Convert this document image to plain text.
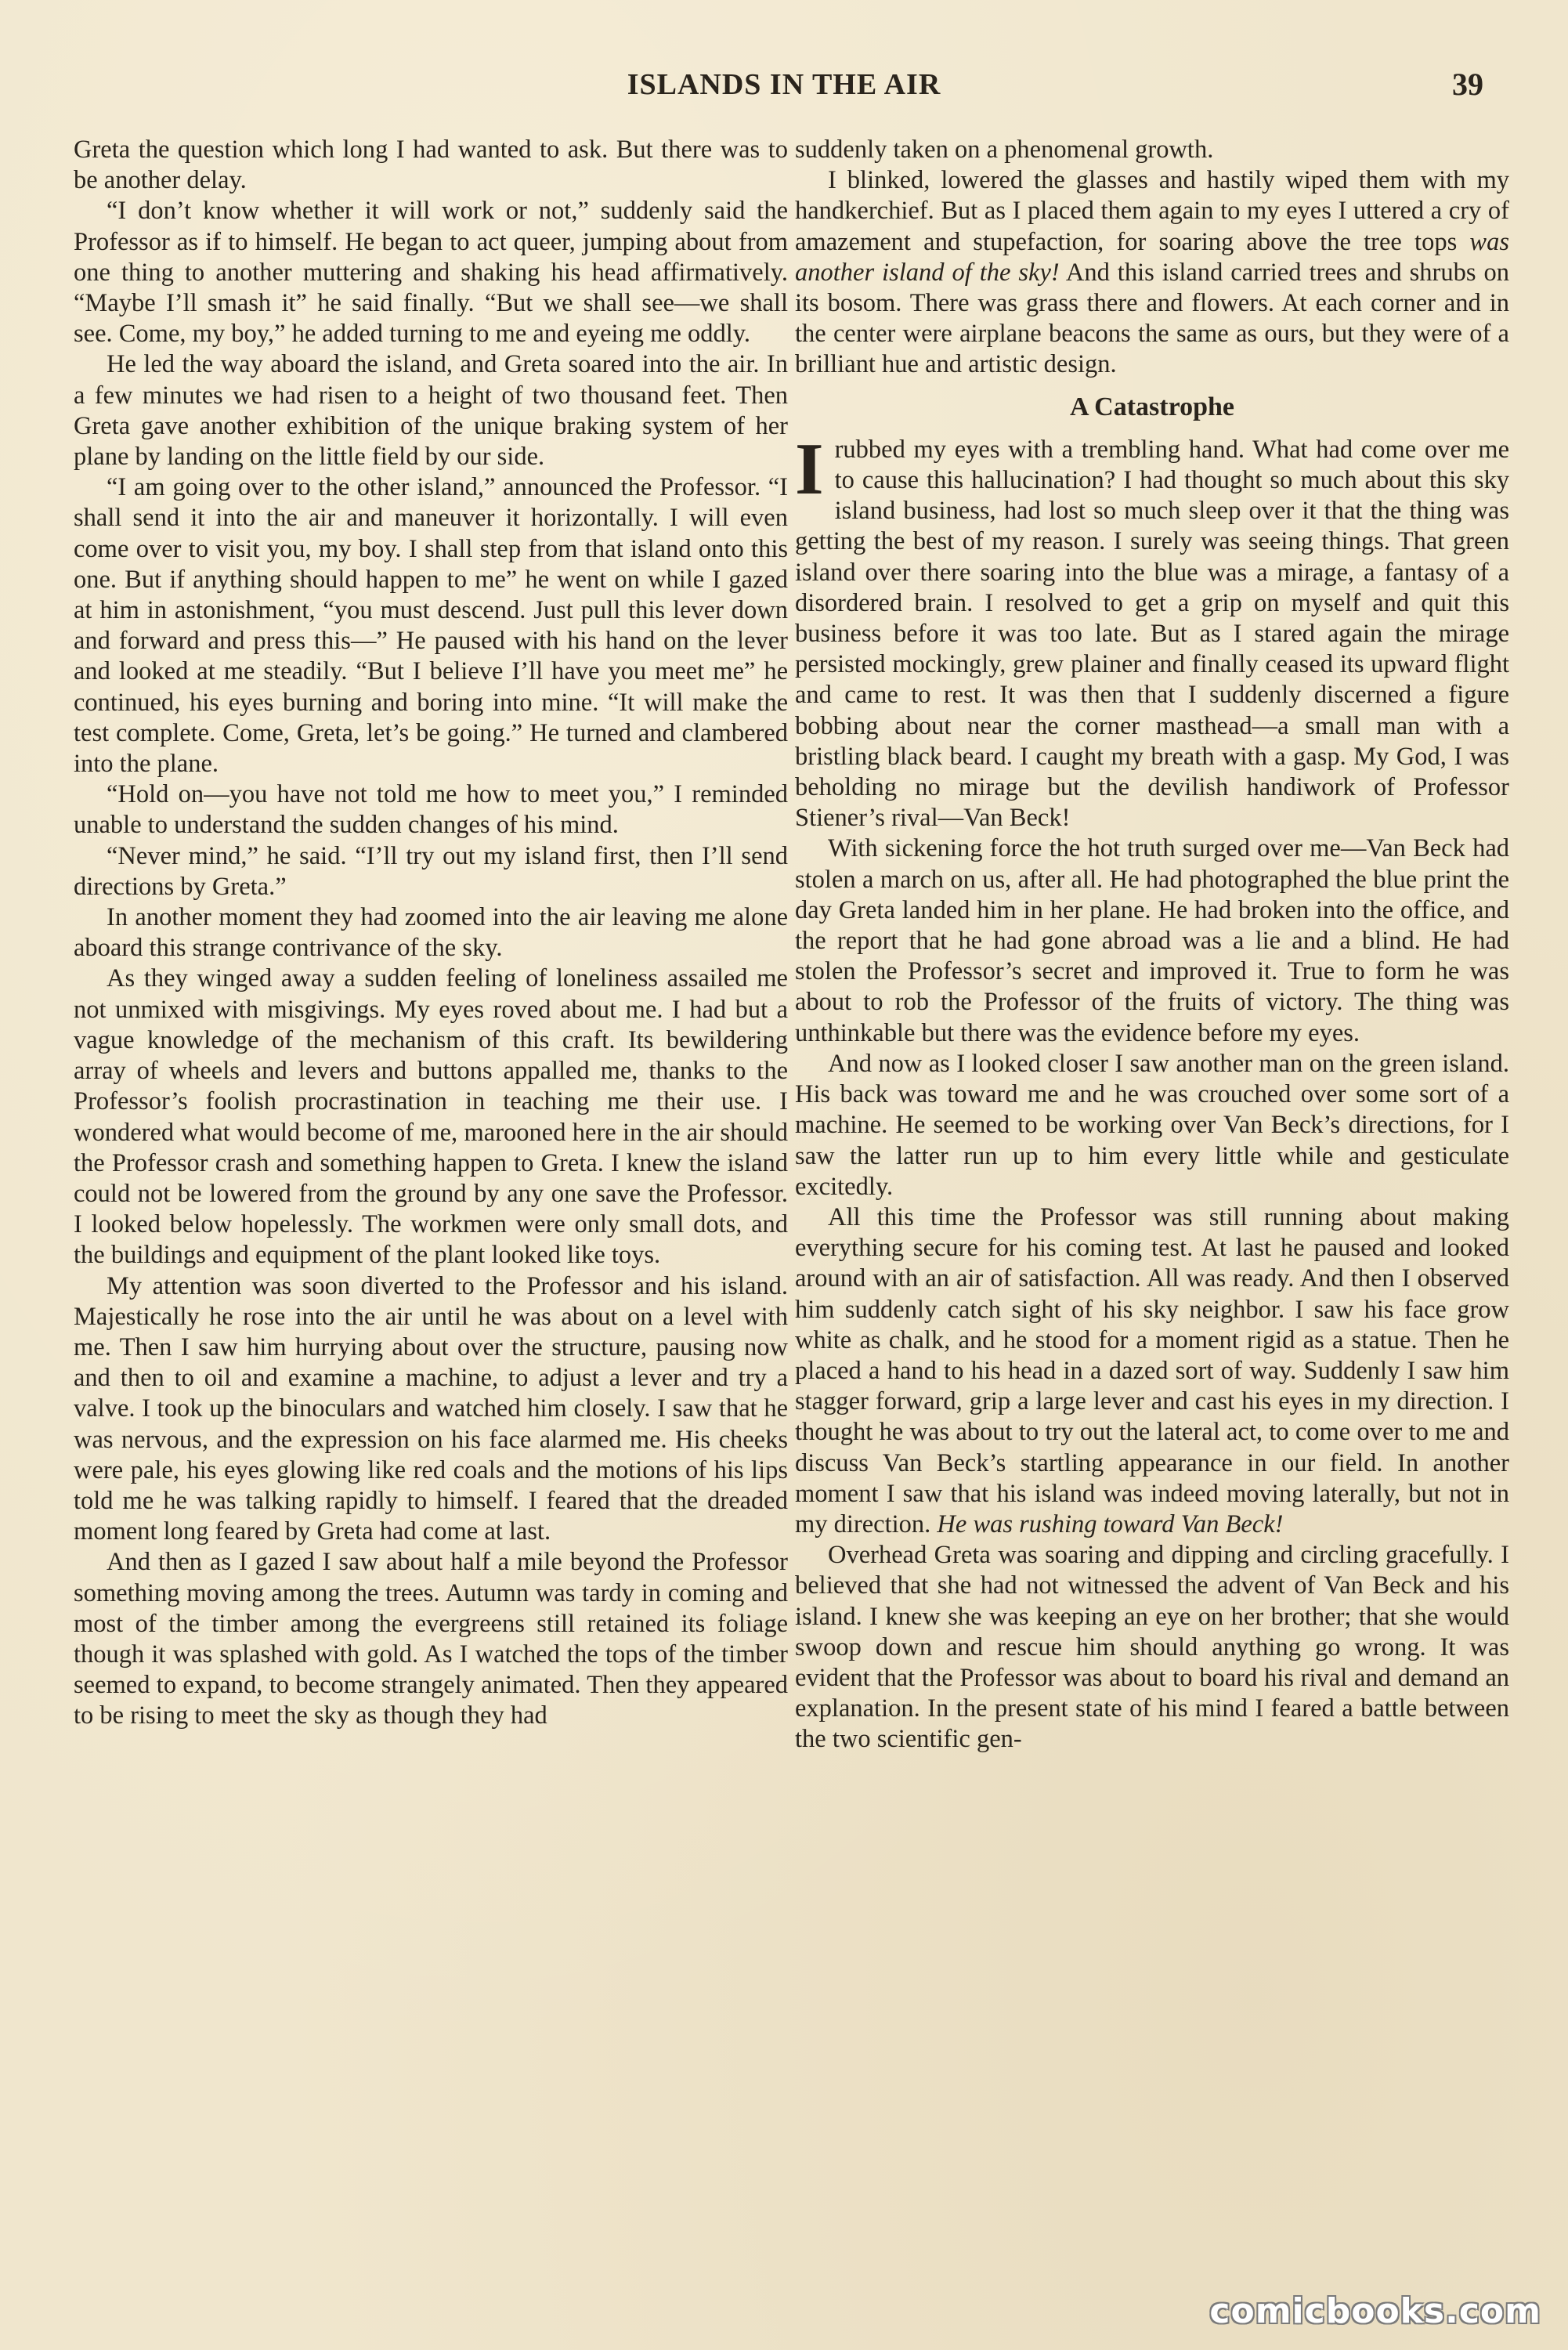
ISLANDS IN THE AIR	39

Greta the question which long I had wanted to ask. But there was to be another delay.

“I don’t know whether it will work or not,” suddenly said the Professor as if to himself. He began to act queer, jumping about from one thing to another muttering and shaking his head affirmatively. “Maybe I’ll smash it” he said finally. “But we shall see—we shall see. Come, my boy,” he added turning to me and eyeing me oddly.

He led the way aboard the island, and Greta soared into the air. In a few minutes we had risen to a height of two thousand feet. Then Greta gave another exhibition of the unique braking system of her plane by landing on the little field by our side.

“I am going over to the other island,” announced the Professor. “I shall send it into the air and maneuver it horizontally. I will even come over to visit you, my boy. I shall step from that island onto this one. But if anything should happen to me” he went on while I gazed at him in astonishment, “you must descend. Just pull this lever down and forward and press this—” He paused with his hand on the lever and looked at me steadily. “But I believe I’ll have you meet me” he continued, his eyes burning and boring into mine. “It will make the test complete. Come, Greta, let’s be going.” He turned and clambered into the plane.

“Hold on—you have not told me how to meet you,” I reminded unable to understand the sudden changes of his mind.

“Never mind,” he said. “I’ll try out my island first, then I’ll send directions by Greta.”

In another moment they had zoomed into the air leaving me alone aboard this strange contrivance of the sky.

As they winged away a sudden feeling of loneliness assailed me not unmixed with misgivings. My eyes roved about me. I had but a vague knowledge of the mechanism of this craft. Its bewildering array of wheels and levers and buttons appalled me, thanks to the Professor’s foolish procrastination in teaching me their use. I wondered what would become of me, marooned here in the air should the Professor crash and something happen to Greta. I knew the island could not be lowered from the ground by any one save the Professor. I looked below hopelessly. The workmen were only small dots, and the buildings and equipment of the plant looked like toys.

My attention was soon diverted to the Professor and his island. Majestically he rose into the air until he was about on a level with me. Then I saw him hurrying about over the structure, pausing now and then to oil and examine a machine, to adjust a lever and try a valve. I took up the binoculars and watched him closely. I saw that he was nervous, and the expression on his face alarmed me. His cheeks were pale, his eyes glowing like red coals and the motions of his lips told me he was talking rapidly to himself. I feared that the dreaded moment long feared by Greta had come at last.

And then as I gazed I saw about half a mile beyond the Professor something moving among the trees. Autumn was tardy in coming and most of the timber among the evergreens still retained its foliage though it was splashed with gold. As I watched the tops of the timber seemed to expand, to become strangely animated. Then they appeared to be rising to meet the sky as though they had

suddenly taken on a phenomenal growth.

I blinked, lowered the glasses and hastily wiped them with my handkerchief. But as I placed them again to my eyes I uttered a cry of amazement and stupefaction, for soaring above the tree tops was another island of the sky! And this island carried trees and shrubs on its bosom. There was grass there and flowers. At each corner and in the center were airplane beacons the same as ours, but they were of a brilliant hue and artistic design.

A Catastrophe

I rubbed my eyes with a trembling hand. What had come over me to cause this hallucination? I had thought so much about this sky island business, had lost so much sleep over it that the thing was getting the best of my reason. I surely was seeing things. That green island over there soaring into the blue was a mirage, a fantasy of a disordered brain. I resolved to get a grip on myself and quit this business before it was too late. But as I stared again the mirage persisted mockingly, grew plainer and finally ceased its upward flight and came to rest. It was then that I suddenly discerned a figure bobbing about near the corner masthead—a small man with a bristling black beard. I caught my breath with a gasp. My God, I was beholding no mirage but the devilish handiwork of Professor Stiener’s rival—Van Beck!

With sickening force the hot truth surged over me—Van Beck had stolen a march on us, after all. He had photographed the blue print the day Greta landed him in her plane. He had broken into the office, and the report that he had gone abroad was a lie and a blind. He had stolen the Professor’s secret and improved it. True to form he was about to rob the Professor of the fruits of victory. The thing was unthinkable but there was the evidence before my eyes.

And now as I looked closer I saw another man on the green island. His back was toward me and he was crouched over some sort of a machine. He seemed to be working over Van Beck’s directions, for I saw the latter run up to him every little while and gesticulate excitedly.

All this time the Professor was still running about making everything secure for his coming test. At last he paused and looked around with an air of satisfaction. All was ready. And then I observed him suddenly catch sight of his sky neighbor. I saw his face grow white as chalk, and he stood for a moment rigid as a statue. Then he placed a hand to his head in a dazed sort of way. Suddenly I saw him stagger forward, grip a large lever and cast his eyes in my direction. I thought he was about to try out the lateral act, to come over to me and discuss Van Beck’s startling appearance in our field. In another moment I saw that his island was indeed moving laterally, but not in my direction. He was rushing toward Van Beck!

Overhead Greta was soaring and dipping and circling gracefully. I believed that she had not witnessed the advent of Van Beck and his island. I knew she was keeping an eye on her brother; that she would swoop down and rescue him should anything go wrong. It was evident that the Professor was about to board his rival and demand an explanation. In the present state of his mind I feared a battle between the two scientific gen-

comicbooks.com
